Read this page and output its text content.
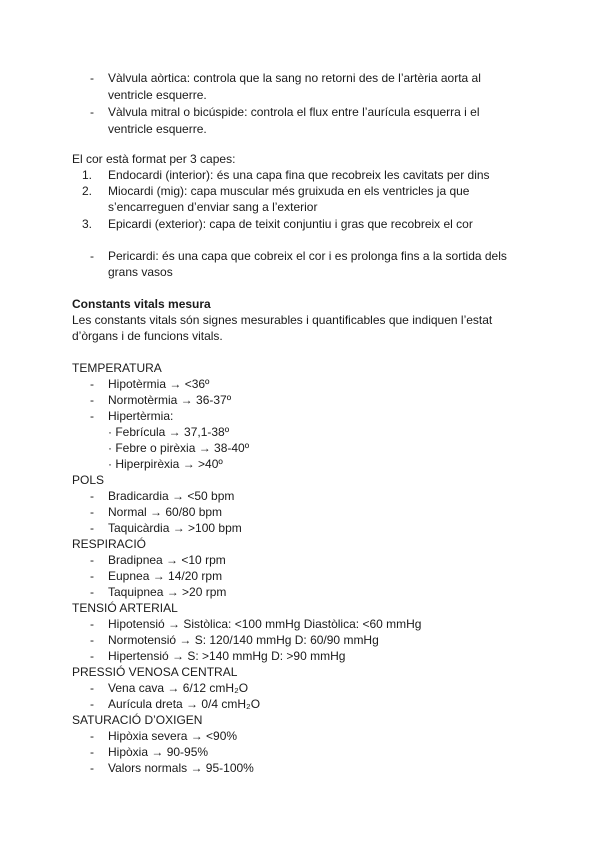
- Vàlvula aòrtica: controla que la sang no retorni des de l’artèria aorta al
ventricle esquerre.
- Vàlvula mitral o bicúspide: controla el flux entre l’aurícula esquerra i el
ventricle esquerre.
El cor està format per 3 capes:
1. Endocardi (interior): és una capa fina que recobreix les cavitats per dins
2. Miocardi (mig): capa muscular més gruixuda en els ventricles ja que
s’encarreguen d’enviar sang a l’exterior
3. Epicardi (exterior): capa de teixit conjuntiu i gras que recobreix el cor
- Pericardi: és una capa que cobreix el cor i es prolonga fins a la sortida dels
grans vasos
Constants vitals mesura
Les constants vitals són signes mesurables i quantificables que indiquen l’estat
d’òrgans i de funcions vitals.
TEMPERATURA
- Hipotèrmia → <36º
- Normotèrmia → 36-37º
- Hipertèrmia:
· Febrícula → 37,1-38º
· Febre o pirèxia → 38-40º
· Hiperpirèxia → >40º
POLS
- Bradicardia → <50 bpm
- Normal → 60/80 bpm
- Taquicàrdia → >100 bpm
RESPIRACIÓ
- Bradipnea → <10 rpm
- Eupnea → 14/20 rpm
- Taquipnea → >20 rpm
TENSIÓ ARTERIAL
- Hipotensió → Sistòlica: <100 mmHg Diastòlica: <60 mmHg
- Normotensió → S: 120/140 mmHg D: 60/90 mmHg
- Hipertensió → S: >140 mmHg D: >90 mmHg
PRESSIÓ VENOSA CENTRAL
- Vena cava → 6/12 cmH₂O
- Aurícula dreta → 0/4 cmH₂O
SATURACIÓ D’OXIGEN
- Hipòxia severa → <90%
- Hipòxia → 90-95%
- Valors normals → 95-100%
